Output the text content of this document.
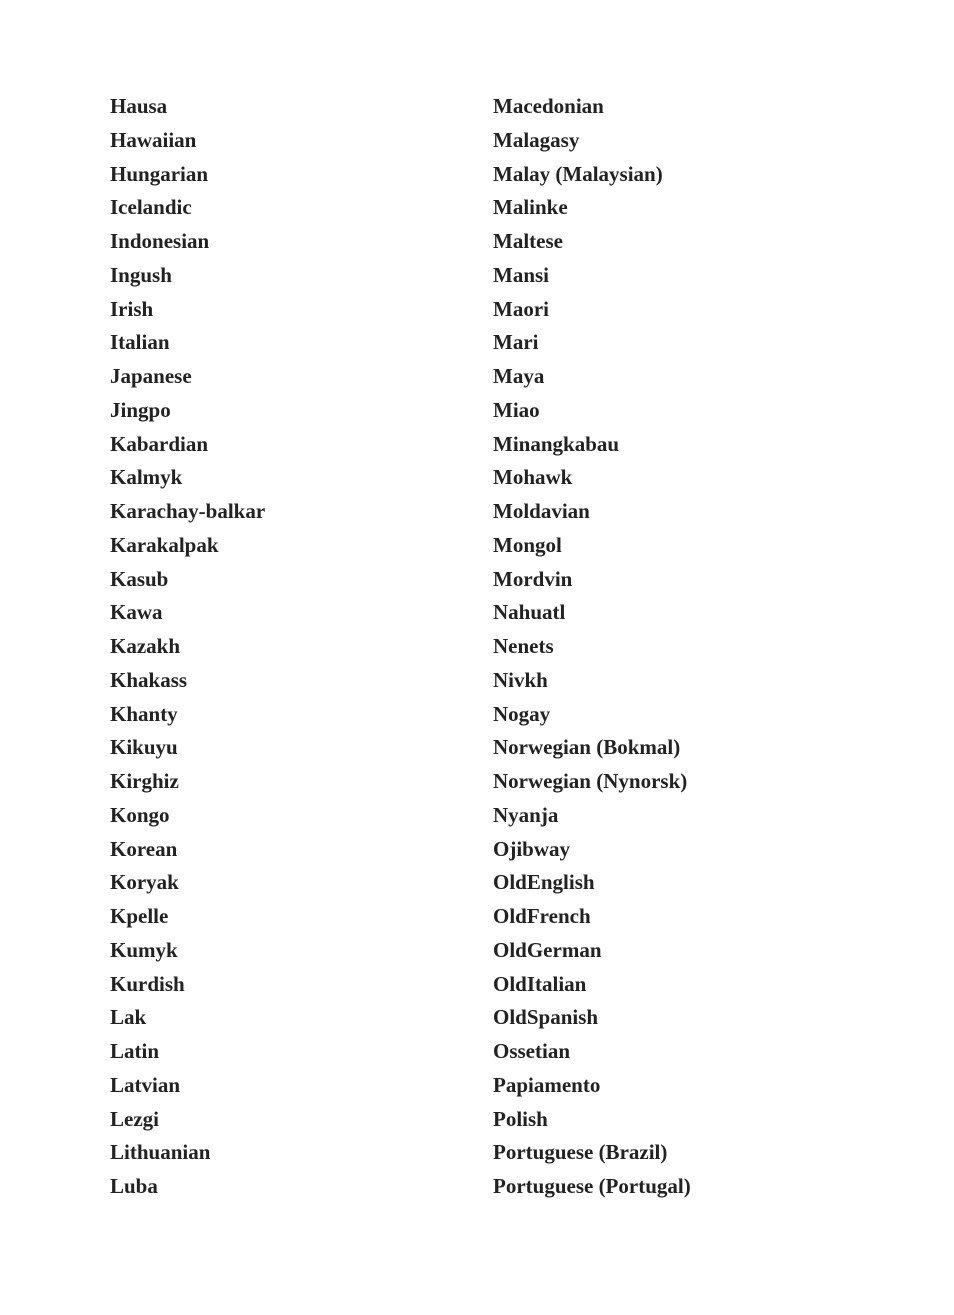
Hausa
Hawaiian
Hungarian
Icelandic
Indonesian
Ingush
Irish
Italian
Japanese
Jingpo
Kabardian
Kalmyk
Karachay-balkar
Karakalpak
Kasub
Kawa
Kazakh
Khakass
Khanty
Kikuyu
Kirghiz
Kongo
Korean
Koryak
Kpelle
Kumyk
Kurdish
Lak
Latin
Latvian
Lezgi
Lithuanian
Luba
Macedonian
Malagasy
Malay (Malaysian)
Malinke
Maltese
Mansi
Maori
Mari
Maya
Miao
Minangkabau
Mohawk
Moldavian
Mongol
Mordvin
Nahuatl
Nenets
Nivkh
Nogay
Norwegian (Bokmal)
Norwegian (Nynorsk)
Nyanja
Ojibway
OldEnglish
OldFrench
OldGerman
OldItalian
OldSpanish
Ossetian
Papiamento
Polish
Portuguese (Brazil)
Portuguese (Portugal)
